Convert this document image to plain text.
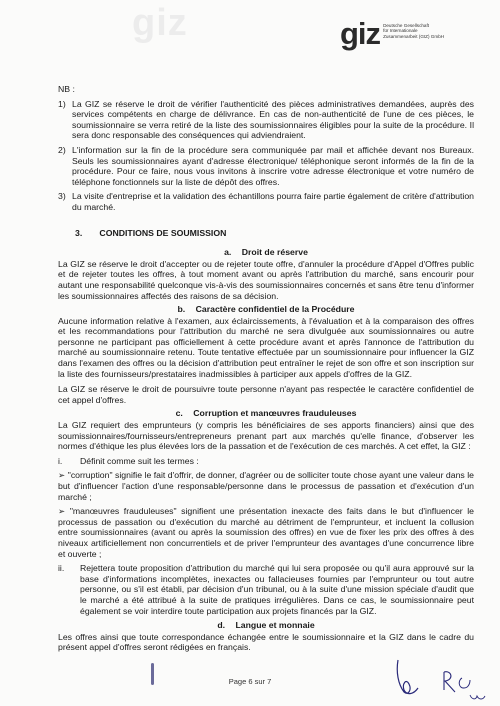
giz	giz Deutsche Gesellschaft
für Internationale
Zusammenarbeit (GIZ) GmbH
NB :
1) La GIZ se réserve le droit de vérifier l'authenticité des pièces administratives demandées, auprès des services compétents en charge de délivrance. En cas de non-authenticité de l'une de ces pièces, le soumissionnaire se verra retiré de la liste des soumissionnaires éligibles pour la suite de la procédure. Il sera donc responsable des conséquences qui adviendraient.
2) L'information sur la fin de la procédure sera communiquée par mail et affichée devant nos Bureaux. Seuls les soumissionnaires ayant d'adresse électronique/ téléphonique seront informés de la fin de la procédure. Pour ce faire, nous vous invitons à inscrire votre adresse électronique et votre numéro de téléphone fonctionnels sur la liste de dépôt des offres.
3) La visite d'entreprise et la validation des échantillons pourra faire partie également de critère d'attribution du marché.
3. CONDITIONS DE SOUMISSION
a. Droit de réserve

La GIZ se réserve le droit d'accepter ou de rejeter toute offre, d'annuler la procédure d'Appel d'Offres public et de rejeter toutes les offres, à tout moment avant ou après l'attribution du marché, sans encourir pour autant une responsabilité quelconque vis-à-vis des soumissionnaires concernés et sans être tenu d'informer les soumissionnaires affectés des raisons de sa décision.

b. Caractère confidentiel de la Procédure

Aucune information relative à l'examen, aux éclaircissements, à l'évaluation et à la comparaison des offres et les recommandations pour l'attribution du marché ne sera divulguée aux soumissionnaires ou autre personne ne participant pas officiellement à cette procédure avant et après l'annonce de l'attribution du marché au soumissionnaire retenu. Toute tentative effectuée par un soumissionnaire pour influencer la GIZ dans l'examen des offres ou la décision d'attribution peut entraîner le rejet de son offre et son inscription sur la liste des fournisseurs/prestataires inadmissibles à participer aux appels d'offres de la GIZ.

La GIZ se réserve le droit de poursuivre toute personne n'ayant pas respectée le caractère confidentiel de cet appel d'offres.

c. Corruption et manœuvres frauduleuses

La GIZ requiert des emprunteurs (y compris les bénéficiaires de ses apports financiers) ainsi que des soumissionnaires/fournisseurs/entrepreneurs prenant part aux marchés qu'elle finance, d'observer les normes d'éthique les plus élevées lors de la passation et de l'exécution de ces marchés. A cet effet, la GIZ :

i.	Définit comme suit les termes :

➢ "corruption" signifie le fait d'offrir, de donner, d'agréer ou de solliciter toute chose ayant une valeur dans le but d'influencer l'action d'une responsable/personne dans le processus de passation et d'exécution d'un marché ;

➢ "manœuvres frauduleuses" signifient une présentation inexacte des faits dans le but d'influencer le processus de passation ou d'exécution du marché au détriment de l'emprunteur, et incluent la collusion entre soumissionnaires (avant ou après la soumission des offres) en vue de fixer les prix des offres à des niveaux artificiellement non concurrentiels et de priver l'emprunteur des avantages d'une concurrence libre et ouverte ;

ii.	Rejettera toute proposition d'attribution du marché qui lui sera proposée ou qu'il aura approuvé sur la base d'informations incomplètes, inexactes ou fallacieuses fournies par l'emprunteur ou tout autre personne, ou s'il est établi, par décision d'un tribunal, ou à la suite d'une mission spéciale d'audit que le marché a été attribué à la suite de pratiques irrégulières. Dans ce cas, le soumissionnaire peut également se voir interdire toute participation aux projets financés par la GIZ.
d. Langue et monnaie

Les offres ainsi que toute correspondance échangée entre le soumissionnaire et la GIZ dans le cadre du présent appel d'offres seront rédigées en français.

Page 6 sur 7
